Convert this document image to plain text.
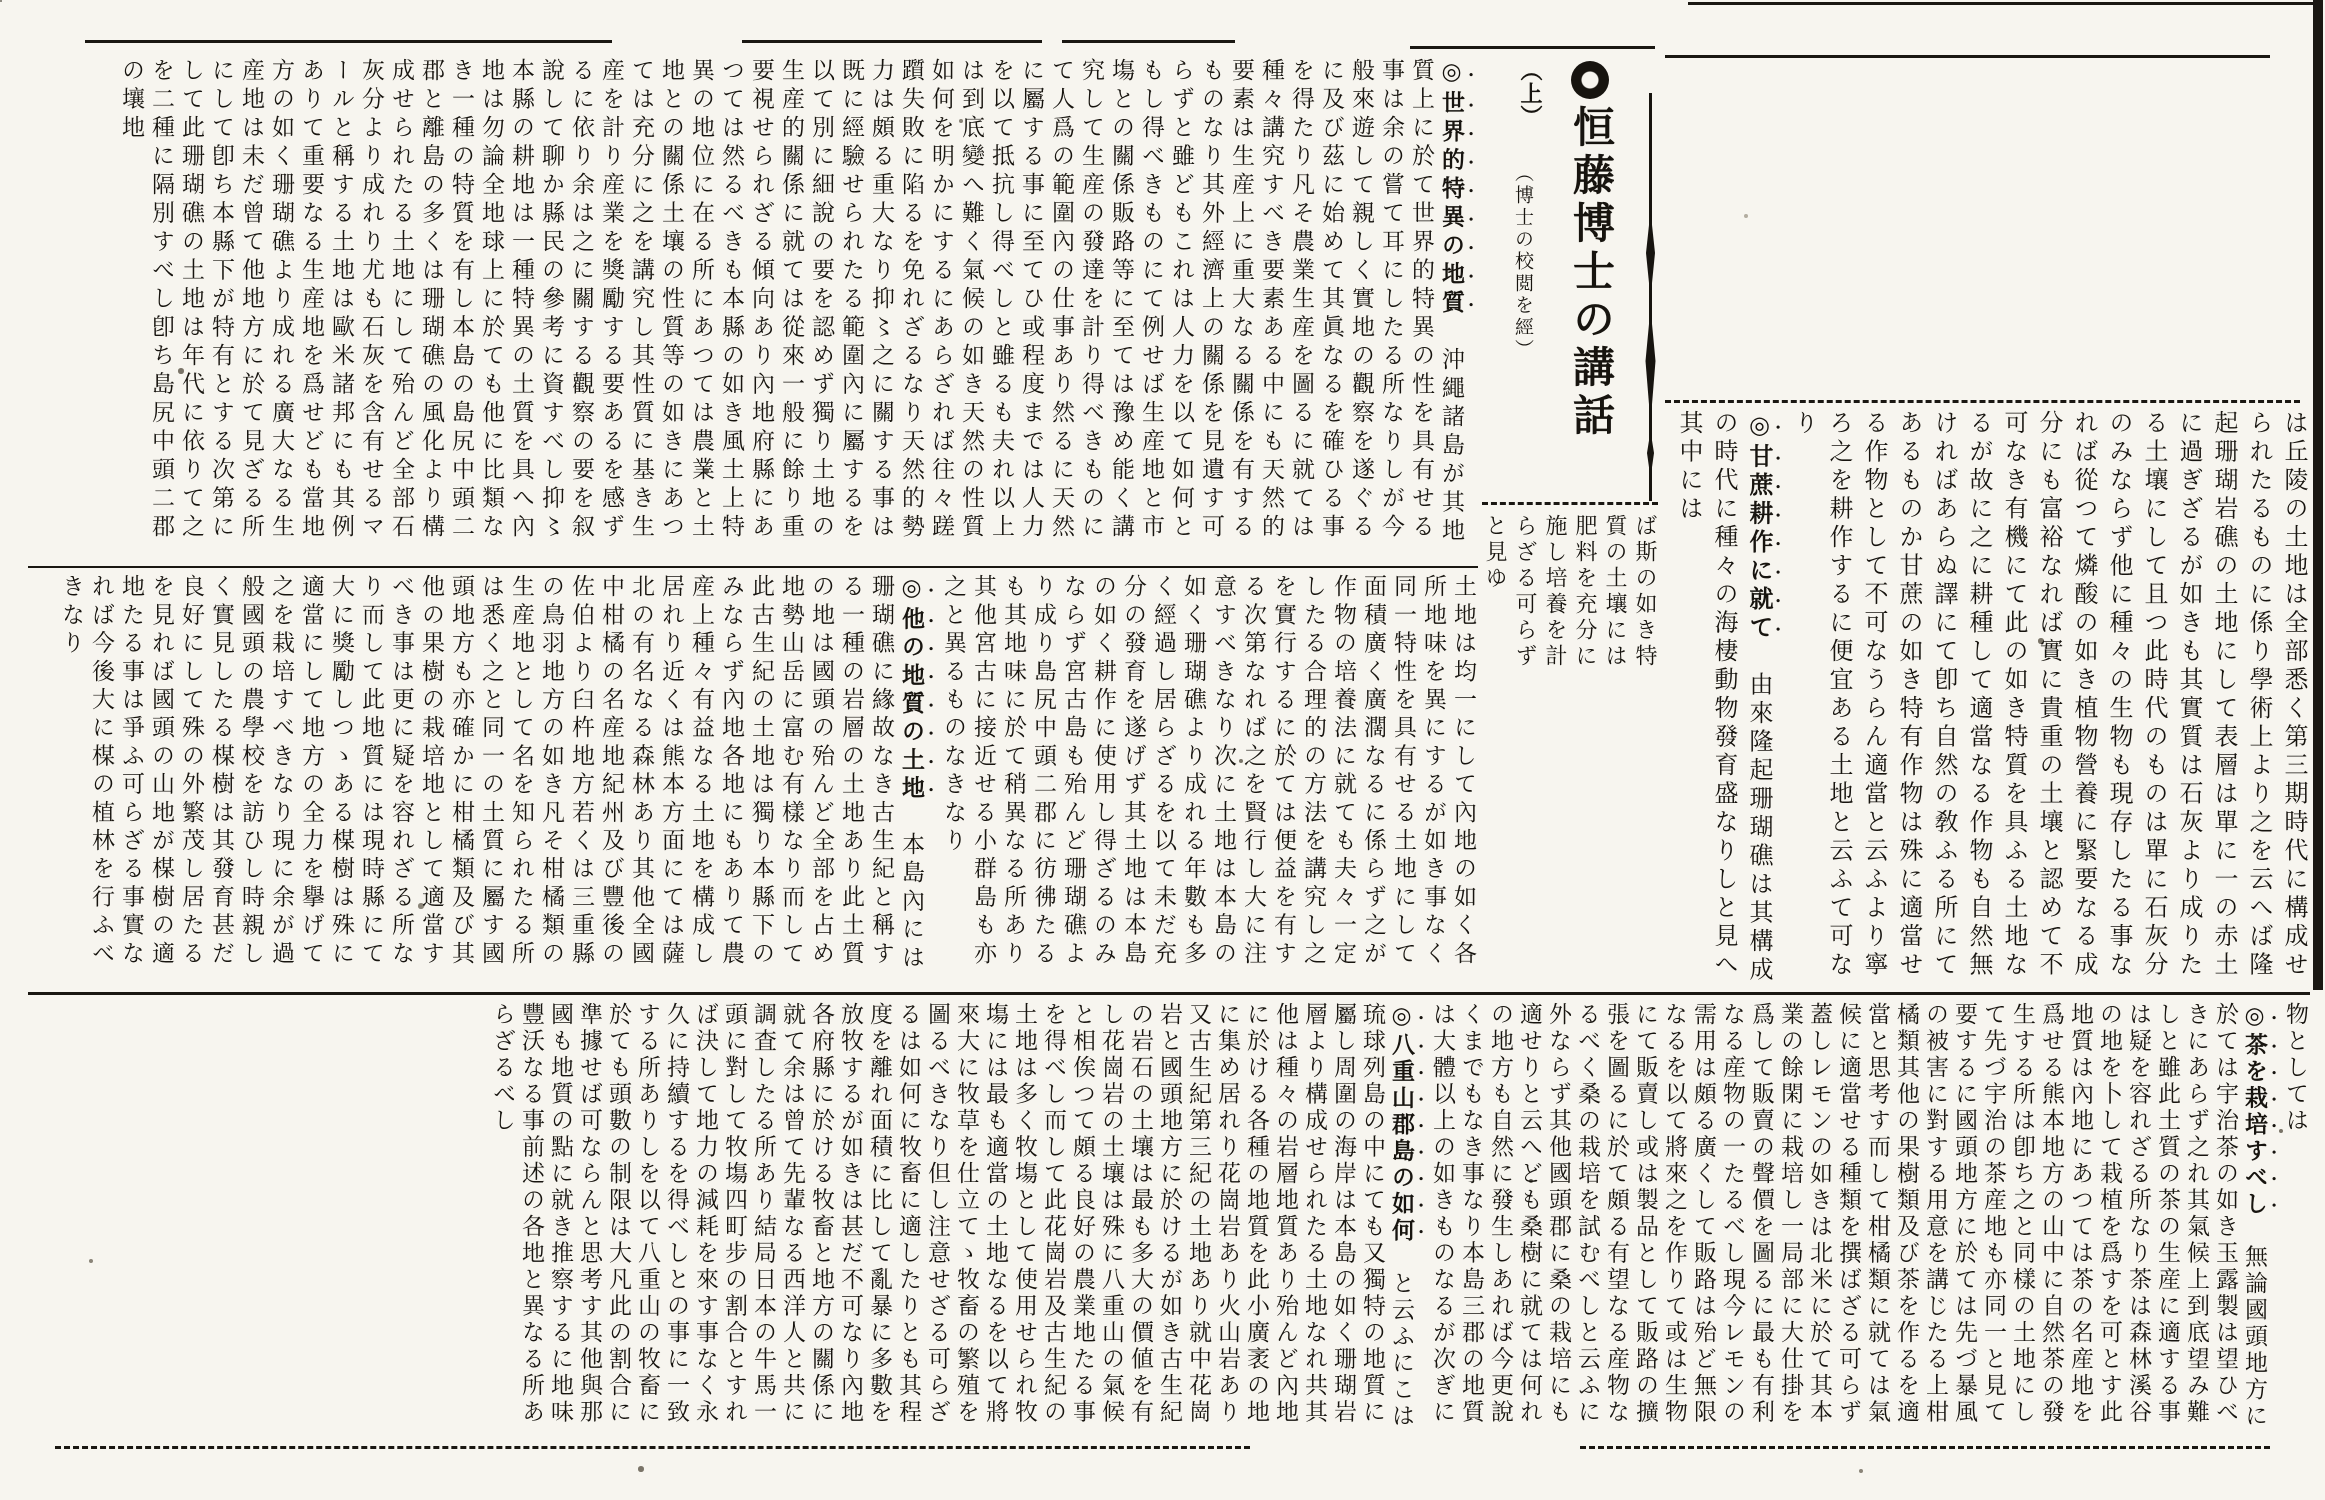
恒藤博士の講話（上）
（博士の校閲を經）
◎世界的特異の地質　沖繩諸島が其地質上に於て世界的特異の性を具有せる事は余の嘗て耳にしたる所なりしが今般來遊して親しく實地の觀察を遂ぐるに及び茲に始めて其眞なるを確ひる事を得たり凡そ農業生産を圖るに就ては種々講究すべき要素ある中にも天然的要素は生産上に重大なる關係を有するものなり其外經濟上の關係を見遺す可らずと雖どもこれは人力を以て如何ともし得べきものにて例せば生産地と市塲との關係販路等に至ては豫め能く講究して生産の發達を計り得べきものにて人爲の範圍內の仕事あり然るに天然に屬する事に至てひ或程度までは人力を以て抵抗し得べしと雖るも夫れ以上は到底變へ難く氣候の如き天然の性質如何を明かにするにあらざれば往々蹉躓失敗に陷るを免れざるなり天然的勢力は頗る重大なり抑〻之に關する事は既に經驗せられたる範圍內に屬するを以て別に細說の要を認めず獨り土地の生産的關係に就ては從來一般に餘り重要視せられざる傾向あり內地府縣にあつては然るべきも本縣の如き風土上特異の地位に在る所にあつては農業と土地との關係土壤の性質等の如きにあつては充分に之を講究し其性質に基き生産を計り産業を獎勵する要あるを感ずるに依り余は之に關する觀察の要を叙說して聊か縣民の參考に資すべし抑〻本縣の耕地は一種特異の土質を具へ內地は勿論全地球上に於ても他に比類なき一種の特質を有し本島の島尻中頭二郡と離島の多くは珊瑚礁の風化より構成せられたる土地にして殆んど全部石灰分より成れり尤も石灰を含有せるマールと稱する土地は歐米諸邦にも其例ありて重要なる生産地を爲せども當地方の如く珊瑚礁より成れる廣大なる生産地は未だ曾て他地方に於て見ざる所にして卽ち本縣下が特有とする次第にして此珊瑚礁の土地は年代に依りて之を二種に隔別すべし卽ち島尻中頭二郡の壤地
ば斯の如き特質の土壤には肥料を充分に施し培養を計らざる可らずと見ゆ	は丘陵の土地は全部悉く第三期時代に構成せられたるものに係り學術上より之を云へば隆起珊瑚岩礁の土地にして表層は單に一の赤土に過ぎざるが如きも其實質は石灰より成りたる土壤にして且つ此時代のものは單に石灰分のみならず他に種々の生物も現存したる事なれば從つて燐酸の如き植物營養に緊要なる成分にも富裕なれば實に貴重の土壤と認めて不可なき有機にて此の如き特質を具ふる土地なるが故に之に耕種して適當なる作物も自然無ければあらぬ譯にて卽ち自然の敎ふる所にてあるものか甘蔗の如き特有作物は殊に適當せる作物として不可なうらん適當と云ふより寧ろ之を耕作するに便宜ある土地と云ふて可なり
◎甘蔗耕作に就て　由來隆起珊瑚礁は其構成の時代に種々の海棲動物發育盛なりしと見へ其中には
土地は均一にして內地の如く各所地味を異にするが如き事なく同一特性を具有せる土地にして面積廣く廣濶なるに係らず之が作物の培養法に就ても夫々一定したる合理的の方法を講究し之を實行するに於ては便益を有する次第なれば之を賢行し大に注意すべきなり次に土地は本島の如く珊瑚礁より成れる年數も多く經過し居らざるを以て未だ充分の發育を遂げず其土地は本島の如く耕作に使用し得ざるのみならず宮古島も殆んど珊瑚礁より成り島尻中頭二郡に彷彿たるも其地味に於て稍異なる所あり其他宮古に接近せる小群島も亦之と異るものなきなり
◎他の地質の土地　本島內には珊瑚礁に緣故なき古生紀と稱する一種の岩層の土地あり此土質の地は國頭の殆んど全部を占め地勢山岳に富む有樣なり而して此古生紀の土地は獨り本縣下のみならず內地各地にもありて農産上種々有益なる土地を構成し居れり近くは熊本方面にては薩北の有名なる森林あり其他全國中柑橘の名産地紀州及び豐後の佐伯より臼杵地方若くは三重縣の鳥羽地方の如き凡そ柑橘類の生産地として名を知られたる所は悉く之と同一の土質に屬す國頭地方も亦確かに柑橘類及び其他の果樹の栽培地として適當すべき事は更に疑を容れざる所なり而して此地質には現時縣にて大に獎勵しつゝある楳樹は殊に適當にして地方の全力を擧げて之を栽培すべきなり現に余が過般國頭の農學校を訪ひし時親しく實見したる楳樹は其發育甚だ良好にして殊の外繁茂し居たるを見れば國頭の山地が楳樹の適地たる事は爭ふ可らざる事實なれば今後大に楳の植林を行ふべきなり
物としては
◎茶を栽培すべし　無論國頭地方に於ては宇治茶の如き玉露製は望ひべきにあらず之れ其氣候上到底望み難しと雖此土質の茶の生産に適する事は疑を容れざる所なり茶は森林溪谷の地を卜して栽植を爲すを可とす此地質は內地にあつては茶の名産地を爲せる熊本地方の山中に自然茶の發生する所は卽ち之と同樣の土地にして先づ宇治の茶産地も亦同一と見て要するに國頭地方に於ては先づ暴風の被害に對する用意を講じたる上柑橘類其他の果樹類及び茶を作るを適當と思考す而して柑橘類に就ては氣候に適當せる種類を撰ばざる可らず蓋しレモンの如きは北米に於て其本業の餘閑に栽培し一局部に大仕掛を爲して販賣の聲價を圖るに最も有利なる産物の一たるべし現今レモンの需用は頗る廣くして販路は殆ど無限なるを以て將來之を作りて或は生物にて販賣し或は製品として販路の擴張を圖るに於て頗る有望なる産物なるべく桑の栽培を試むべしと云ふに外ならず其他國頭郡に桑の栽培にも適せりと云へども桑樹に就ては何れの地方も自然に發生しあれば今更說くまでもなき事なり本島三郡の地質は大體以上の如きものなるが次ぎに
◎八重山郡島の如何　と云ふにこは琉球列島の中にても又獨特の地質に屬し周圍の海岸は本島の如く珊瑚岩層より構成せられたる土地なれ共其他は種々の岩層地質あり殆んど內地に於ける各種の地質を此小廣袤の地に集め居れり花崗岩あり火山岩あり又古生紀第三紀の土地あり就中花崗岩と國頭地方に於けるが如き古生紀の岩石の土壤は最も多大の價値を有し花崗岩の土壤は殊に八重山の氣候と相俟つて頗る良好の農業地たる事を得べし而して此花崗岩及古生紀の土地は多く牧塲として使用せられ牧塲には最も適當の土地なるを以て將來大に牧草を仕立てゝ牧畜の繁殖を圖るべきなり但し注意せざる可らざるは如何に牧畜に適したりとも其程度を離れ面積に比して亂暴に多數を放牧するが如きは甚だ不可なり內地各府縣に於ける牧畜と地方の關係に就て余は曾て先輩なる西洋人と共に調査したる所あり結局日本の牛馬一頭に對して牧塲四町步の割合とすれば決して地力の減耗を來す事なく永久に持續するを得べしとの事に一致する所ありしを以て八重山の牧畜に於ても頭數の制限は大凡此の割合に準據せば可ならんと思考す其他與那國も地質の點に就き推察するに地味豐沃なる事前述の各地と異なる所あらざるべし
